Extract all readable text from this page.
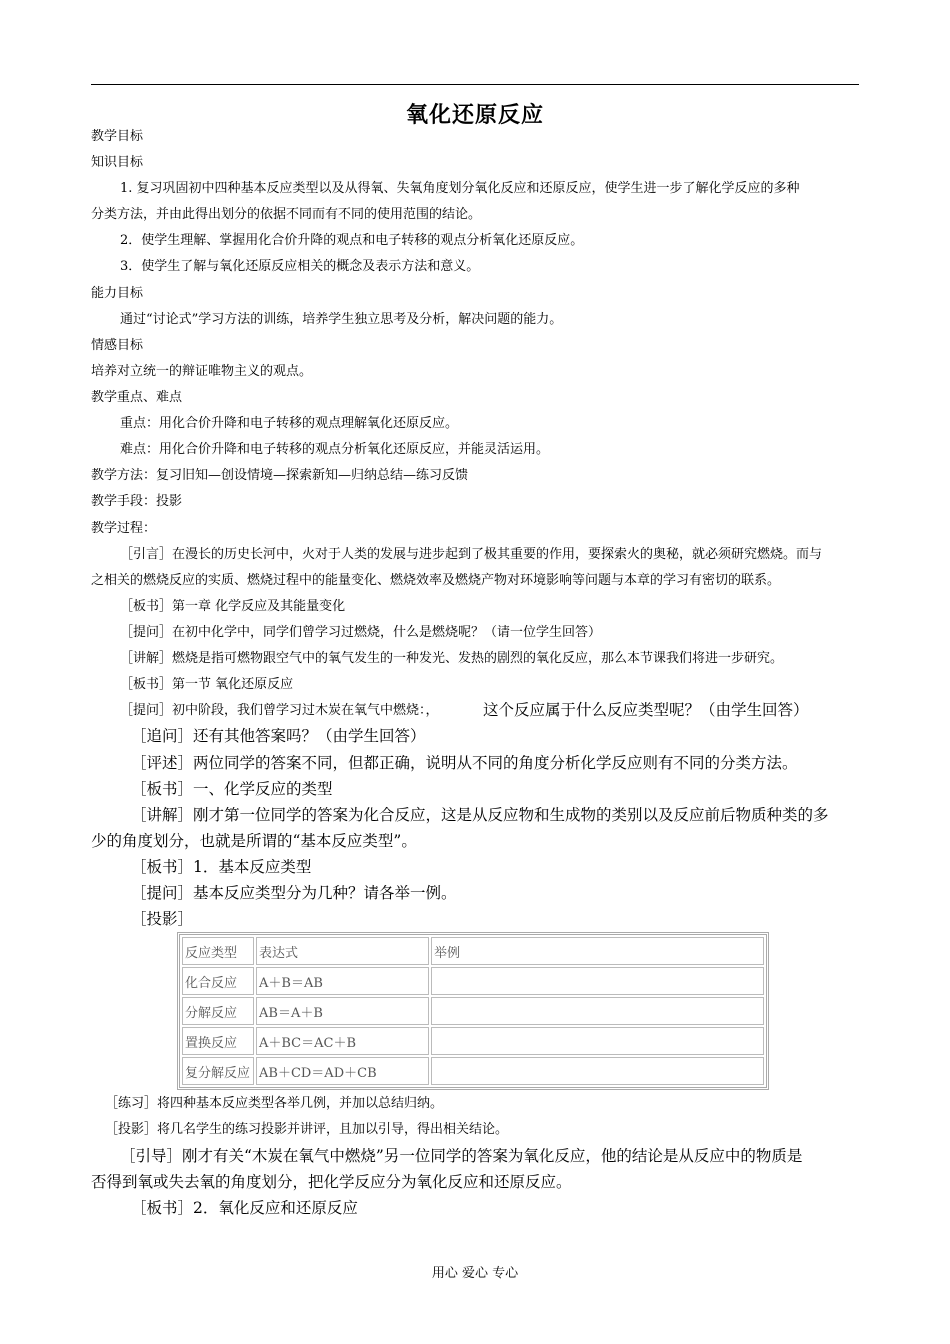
氧化还原反应
教学目标
知识目标
1. 复习巩固初中四种基本反应类型以及从得氧、失氧角度划分氧化反应和还原反应，使学生进一步了解化学反应的多种
分类方法，并由此得出划分的依据不同而有不同的使用范围的结论。
2．使学生理解、掌握用化合价升降的观点和电子转移的观点分析氧化还原反应。
3．使学生了解与氧化还原反应相关的概念及表示方法和意义。
能力目标
通过“讨论式”学习方法的训练，培养学生独立思考及分析，解决问题的能力。
情感目标
培养对立统一的辩证唯物主义的观点。
教学重点、难点
重点：用化合价升降和电子转移的观点理解氧化还原反应。
难点：用化合价升降和电子转移的观点分析氧化还原反应，并能灵活运用。
教学方法：复习旧知—创设情境—探索新知—归纳总结—练习反馈
教学手段：投影
教学过程：
［引言］在漫长的历史长河中，火对于人类的发展与进步起到了极其重要的作用，要探索火的奥秘，就必须研究燃烧。而与
之相关的燃烧反应的实质、燃烧过程中的能量变化、燃烧效率及燃烧产物对环境影响等问题与本章的学习有密切的联系。
［板书］第一章 化学反应及其能量变化
［提问］在初中化学中，同学们曾学习过燃烧，什么是燃烧呢？（请一位学生回答）
［讲解］燃烧是指可燃物跟空气中的氧气发生的一种发光、发热的剧烈的氧化反应，那么本节课我们将进一步研究。
［板书］第一节 氧化还原反应
［提问］初中阶段，我们曾学习过木炭在氧气中燃烧：，	这个反应属于什么反应类型呢？（由学生回答）
［追问］还有其他答案吗？（由学生回答）
［评述］两位同学的答案不同，但都正确，说明从不同的角度分析化学反应则有不同的分类方法。
［板书］一、化学反应的类型
［讲解］刚才第一位同学的答案为化合反应，这是从反应物和生成物的类别以及反应前后物质种类的多
少的角度划分，也就是所谓的“基本反应类型”。
［板书］1．基本反应类型
［提问］基本反应类型分为几种？请各举一例。
［投影］
反应类型	表达式	举例
化合反应	A＋B＝AB	
分解反应	AB＝A＋B	
置换反应	A＋BC＝AC＋B	
复分解反应	AB＋CD＝AD＋CB	
［练习］将四种基本反应类型各举几例，并加以总结归纳。
［投影］将几名学生的练习投影并讲评，且加以引导，得出相关结论。
［引导］刚才有关“木炭在氧气中燃烧”另一位同学的答案为氧化反应，他的结论是从反应中的物质是
否得到氧或失去氧的角度划分，把化学反应分为氧化反应和还原反应。
［板书］2．氧化反应和还原反应
用心 爱心 专心
